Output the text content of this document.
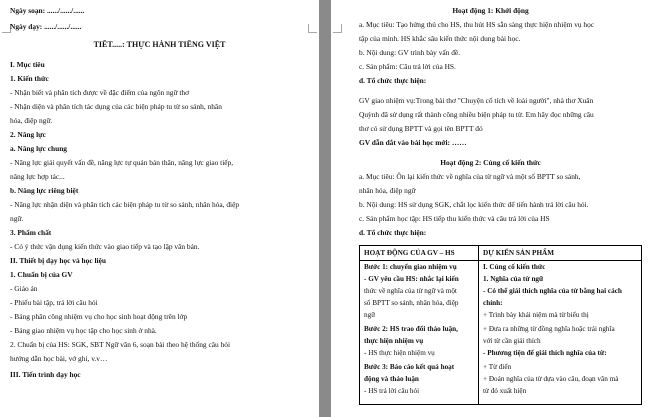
Ngày soạn: ....../....../......
Ngày dạy: ....../....../......
TIẾT.....: THỰC HÀNH TIẾNG VIỆT
I. Mục tiêu
1. Kiến thức
- Nhận biết và phân tích được về đặc điểm của ngôn ngữ thơ
- Nhận diện và phân tích tác dụng của các biện pháp tu từ so sánh, nhân
hóa, điệp ngữ.
2. Năng lực
a. Năng lực chung
- Năng lực giải quyết vấn đề, năng lực tự quản bản thân, năng lực giao tiếp,
năng lực hợp tác...
b. Năng lực riêng biệt
- Năng lực nhận diện và phân tích các biện pháp tu từ so sánh, nhân hóa, điệp
ngữ.
3. Phẩm chất
- Có ý thức vận dụng kiến thức vào giao tiếp và tạo lập văn bản.
II. Thiết bị dạy học và học liệu
1. Chuẩn bị của GV
- Giáo án
- Phiếu bài tập, trả lời câu hỏi
- Bảng phân công nhiệm vụ cho học sinh hoạt động trên lớp
- Bảng giao nhiệm vụ học tập cho học sinh ở nhà.
2. Chuẩn bị của HS: SGK, SBT Ngữ văn 6, soạn bài theo hệ thống câu hỏi
hướng dẫn học bài, vở ghi, v.v…
III. Tiến trình dạy học
Hoạt động 1: Khởi động
a. Mục tiêu: Tạo hứng thú cho HS, thu hút HS sẵn sàng thực hiện nhiệm vụ học
tập của mình. HS khắc sâu kiến thức nội dung bài học.
b. Nội dung: GV trình bày vấn đề.
c. Sản phẩm: Câu trả lời của HS.
d. Tổ chức thực hiện:
GV giao nhiệm vụ:Trong bài thơ "Chuyện cổ tích về loài người", nhà thơ Xuân
Quỳnh đã sử dụng rất thành công nhiều biện pháp tu từ. Em hãy đọc những câu
thơ có sử dụng BPTT và gọi tên BPTT đó
GV dẫn dắt vào bài học mới: ……
Hoạt động 2: Củng cố kiến thức
a. Mục tiêu: Ôn lại kiến thức về nghĩa của từ ngữ và một số BPTT so sánh,
nhân hóa, điệp ngữ
b. Nội dung: HS sử dụng SGK, chắt lọc kiến thức để tiến hành trả lời câu hỏi.
c. Sản phẩm học tập: HS tiếp thu kiến thức và câu trả lời của HS
d. Tổ chức thực hiện:
HOẠT ĐỘNG CỦA GV – HS	DỰ KIẾN SẢN PHẨM
Bước 1: chuyển giao nhiệm vụ
- GV yêu cầu HS: nhắc lại kiến
thức về nghĩa của từ ngữ và một
số BPTT so sánh, nhân hóa, điệp
ngữ
Bước 2: HS trao đổi thảo luận,
thực hiện nhiệm vụ
- HS thực hiện nhiệm vụ
Bước 3: Báo cáo kết quả hoạt
động và thảo luận
- HS trả lời câu hỏi
I. Củng cố kiến thức
1. Nghĩa của từ ngữ
- Có thể giải thích nghĩa của từ bằng hai cách
chính:
+ Trình bày khái niệm mà từ biểu thị
+ Đưa ra những từ đồng nghĩa hoặc trái nghĩa
với từ cần giải thích
- Phương tiện để giải thích nghĩa của từ:
+ Từ điển
+ Đoán nghĩa của từ dựa vào câu, đoạn văn mà
từ đó xuất hiện
